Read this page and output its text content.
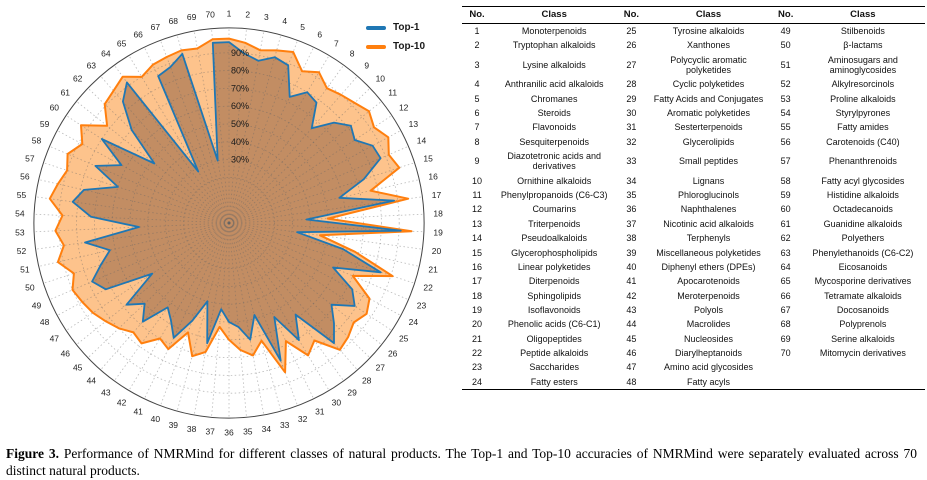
30%
40%
50%
60%
70%
80%
90%
1 2 3 4
5
6
7
8
9
10
11
12
13
14
15
16
17
18
19
20
21
22
23
24
25
26
27
28
29
30
31
32
33
34
35
36
37
38
39
40
41
42
43
44
45
46
47
48
49
50
51
52
53
54
55
56
57
58
59
60
61
62
63
64
65
66
67
68 69 70
Top-1
Top-10
No.	Class	No.	Class	No.	Class
1	Monoterpenoids	25	Tyrosine alkaloids	49	Stilbenoids
2	Tryptophan alkaloids	26	Xanthones	50	β-lactams
3	Lysine alkaloids	27	Polycyclic aromatic polyketides	51	Aminosugars and aminoglycosides
4	Anthranilic acid alkaloids	28	Cyclic polyketides	52	Alkylresorcinols
5	Chromanes	29	Fatty Acids and Conjugates	53	Proline alkaloids
6	Steroids	30	Aromatic polyketides	54	Styrylpyrones
7	Flavonoids	31	Sesterterpenoids	55	Fatty amides
8	Sesquiterpenoids	32	Glycerolipids	56	Carotenoids (C40)
9	Diazotetronic acids and derivatives	33	Small peptides	57	Phenanthrenoids
10	Ornithine alkaloids	34	Lignans	58	Fatty acyl glycosides
11	Phenylpropanoids (C6-C3)	35	Phloroglucinols	59	Histidine alkaloids
12	Coumarins	36	Naphthalenes	60	Octadecanoids
13	Triterpenoids	37	Nicotinic acid alkaloids	61	Guanidine alkaloids
14	Pseudoalkaloids	38	Terphenyls	62	Polyethers
15	Glycerophospholipids	39	Miscellaneous polyketides	63	Phenylethanoids (C6-C2)
16	Linear polyketides	40	Diphenyl ethers (DPEs)	64	Eicosanoids
17	Diterpenoids	41	Apocarotenoids	65	Mycosporine derivatives
18	Sphingolipids	42	Meroterpenoids	66	Tetramate alkaloids
19	Isoflavonoids	43	Polyols	67	Docosanoids
20	Phenolic acids (C6-C1)	44	Macrolides	68	Polyprenols
21	Oligopeptides	45	Nucleosides	69	Serine alkaloids
22	Peptide alkaloids	46	Diarylheptanoids	70	Mitomycin derivatives
23	Saccharides	47	Amino acid glycosides		
24	Fatty esters	48	Fatty acyls		
Figure 3. Performance of NMRMind for different classes of natural products. The Top-1 and Top-10 accuracies of NMRMind were separately evaluated across 70 distinct natural products.
